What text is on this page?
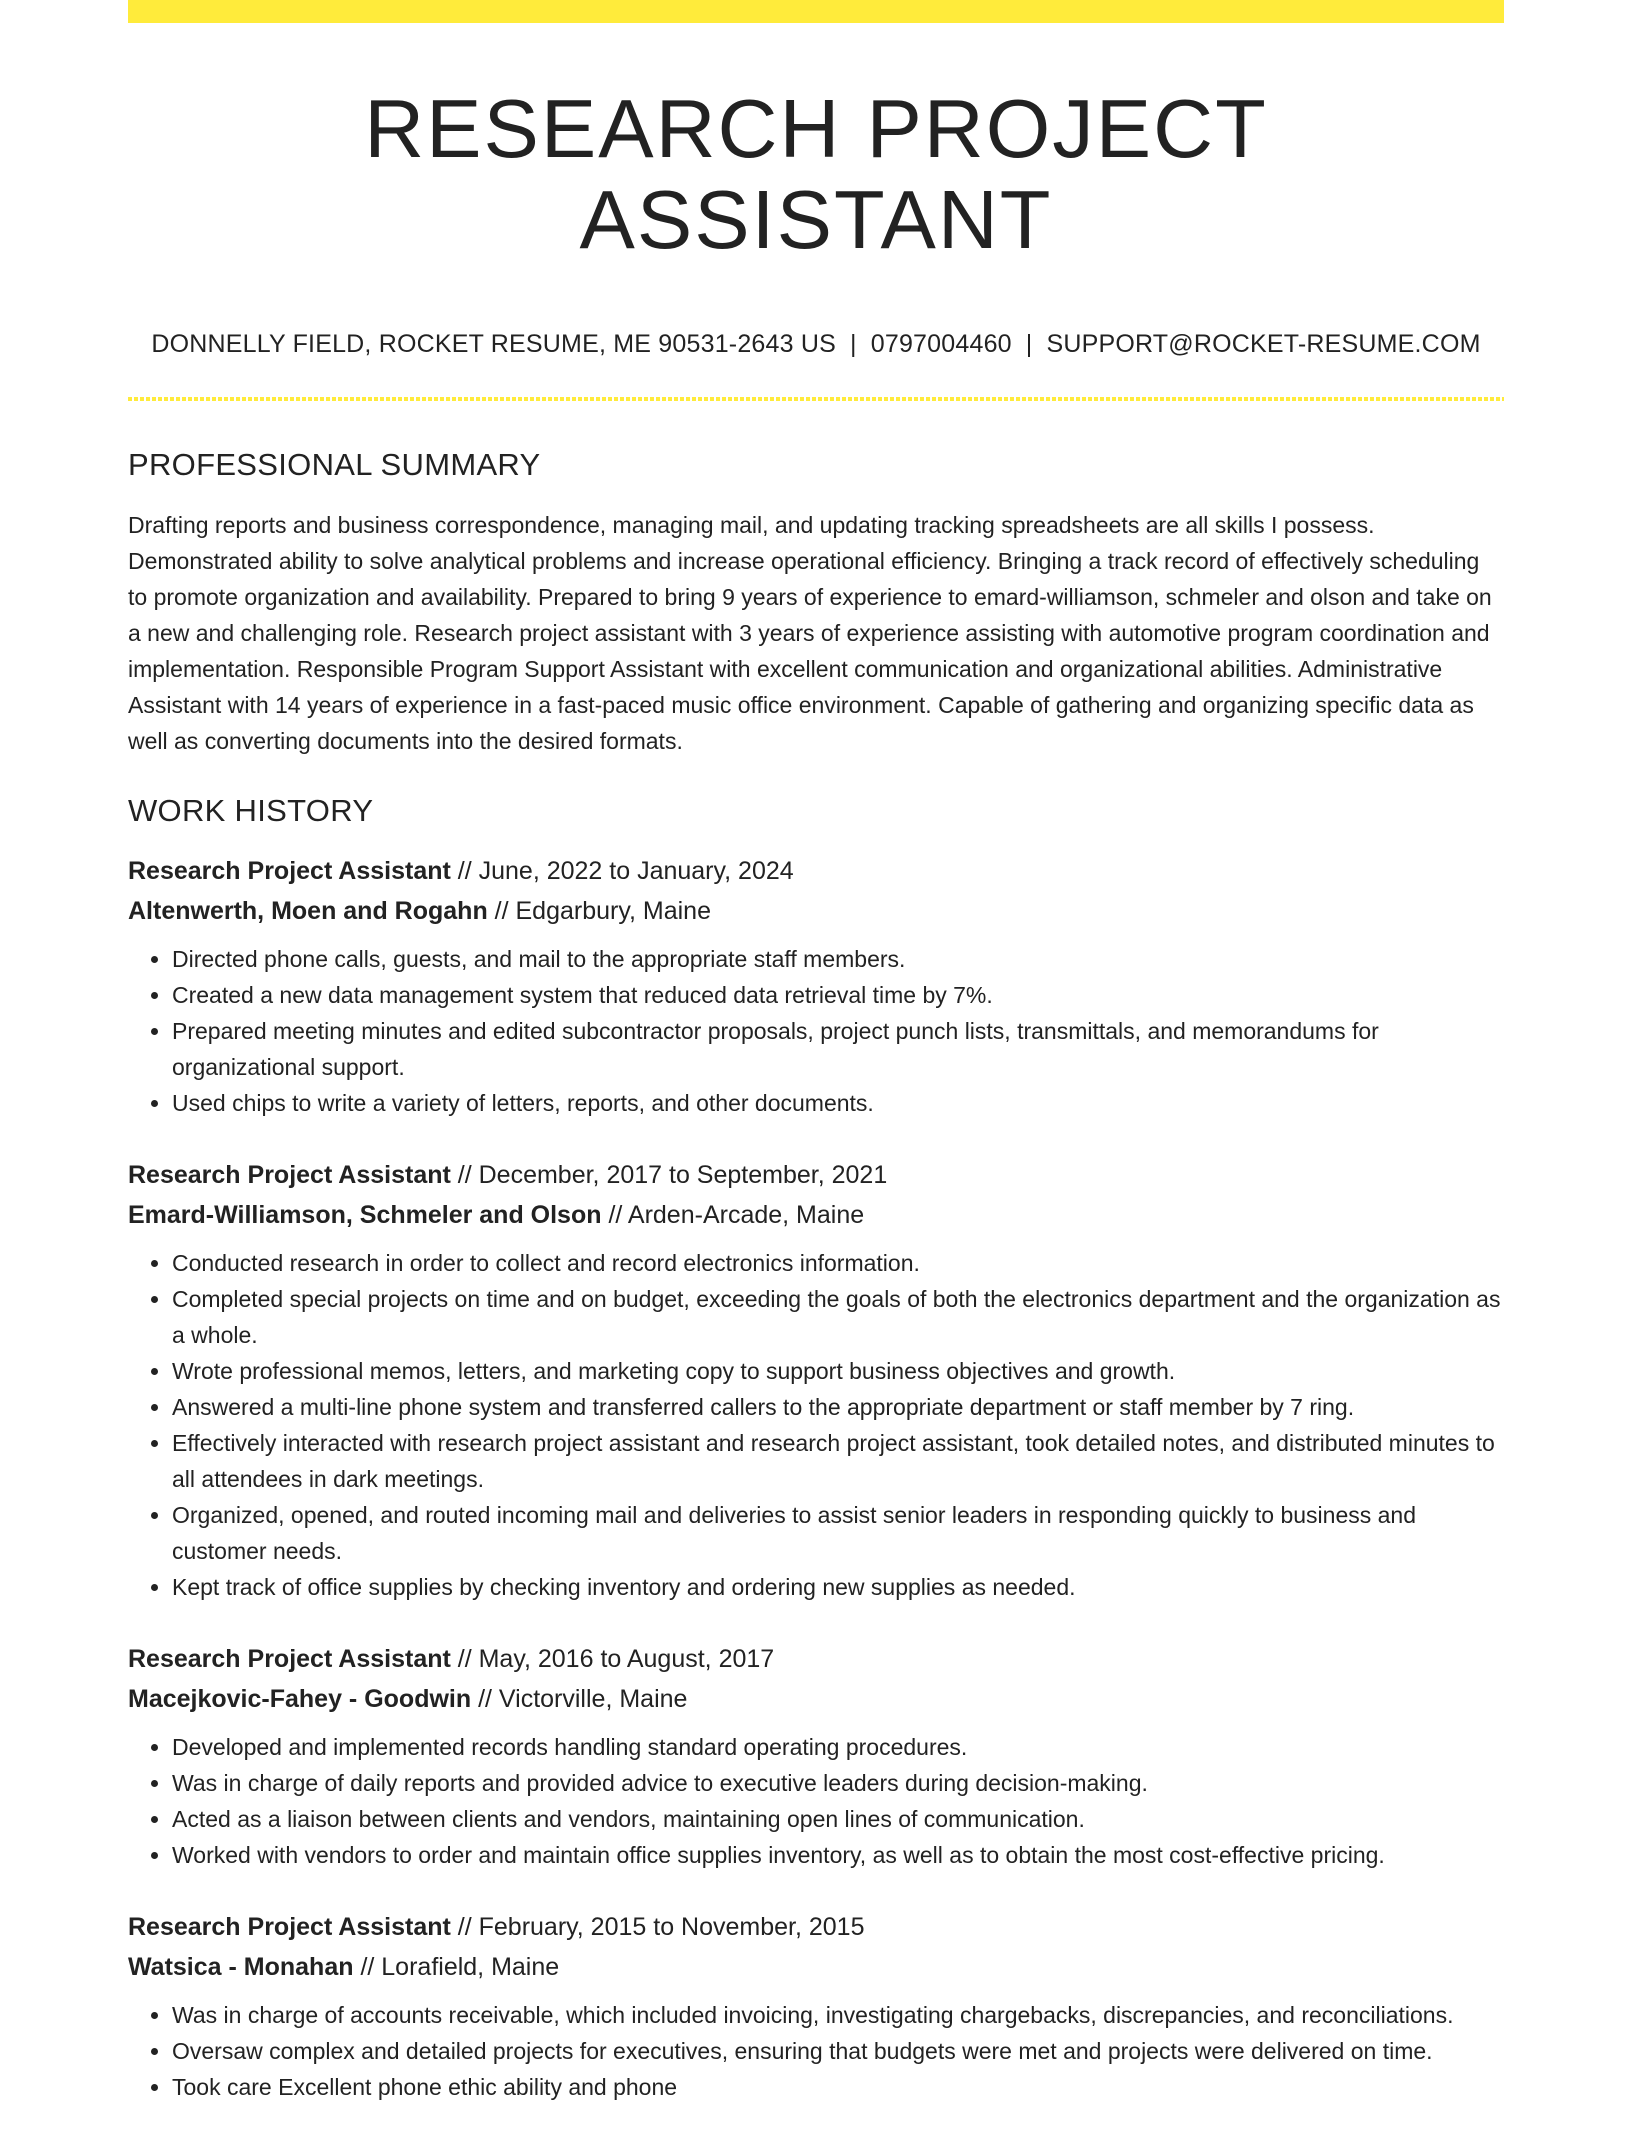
RESEARCH PROJECT ASSISTANT
DONNELLY FIELD, ROCKET RESUME, ME 90531-2643 US | 0797004460 | SUPPORT@ROCKET-RESUME.COM
PROFESSIONAL SUMMARY
Drafting reports and business correspondence, managing mail, and updating tracking spreadsheets are all skills I possess. Demonstrated ability to solve analytical problems and increase operational efficiency. Bringing a track record of effectively scheduling to promote organization and availability. Prepared to bring 9 years of experience to emard-williamson, schmeler and olson and take on a new and challenging role. Research project assistant with 3 years of experience assisting with automotive program coordination and implementation. Responsible Program Support Assistant with excellent communication and organizational abilities. Administrative Assistant with 14 years of experience in a fast-paced music office environment. Capable of gathering and organizing specific data as well as converting documents into the desired formats.
WORK HISTORY
Research Project Assistant // June, 2022 to January, 2024
Altenwerth, Moen and Rogahn // Edgarbury, Maine
• Directed phone calls, guests, and mail to the appropriate staff members.
• Created a new data management system that reduced data retrieval time by 7%.
• Prepared meeting minutes and edited subcontractor proposals, project punch lists, transmittals, and memorandums for organizational support.
• Used chips to write a variety of letters, reports, and other documents.
Research Project Assistant // December, 2017 to September, 2021
Emard-Williamson, Schmeler and Olson // Arden-Arcade, Maine
• Conducted research in order to collect and record electronics information.
• Completed special projects on time and on budget, exceeding the goals of both the electronics department and the organization as a whole.
• Wrote professional memos, letters, and marketing copy to support business objectives and growth.
• Answered a multi-line phone system and transferred callers to the appropriate department or staff member by 7 ring.
• Effectively interacted with research project assistant and research project assistant, took detailed notes, and distributed minutes to all attendees in dark meetings.
• Organized, opened, and routed incoming mail and deliveries to assist senior leaders in responding quickly to business and customer needs.
• Kept track of office supplies by checking inventory and ordering new supplies as needed.
Research Project Assistant // May, 2016 to August, 2017
Macejkovic-Fahey - Goodwin // Victorville, Maine
• Developed and implemented records handling standard operating procedures.
• Was in charge of daily reports and provided advice to executive leaders during decision-making.
• Acted as a liaison between clients and vendors, maintaining open lines of communication.
• Worked with vendors to order and maintain office supplies inventory, as well as to obtain the most cost-effective pricing.
Research Project Assistant // February, 2015 to November, 2015
Watsica - Monahan // Lorafield, Maine
• Was in charge of accounts receivable, which included invoicing, investigating chargebacks, discrepancies, and reconciliations.
• Oversaw complex and detailed projects for executives, ensuring that budgets were met and projects were delivered on time.
• Took care Excellent phone ethic ability and phone
